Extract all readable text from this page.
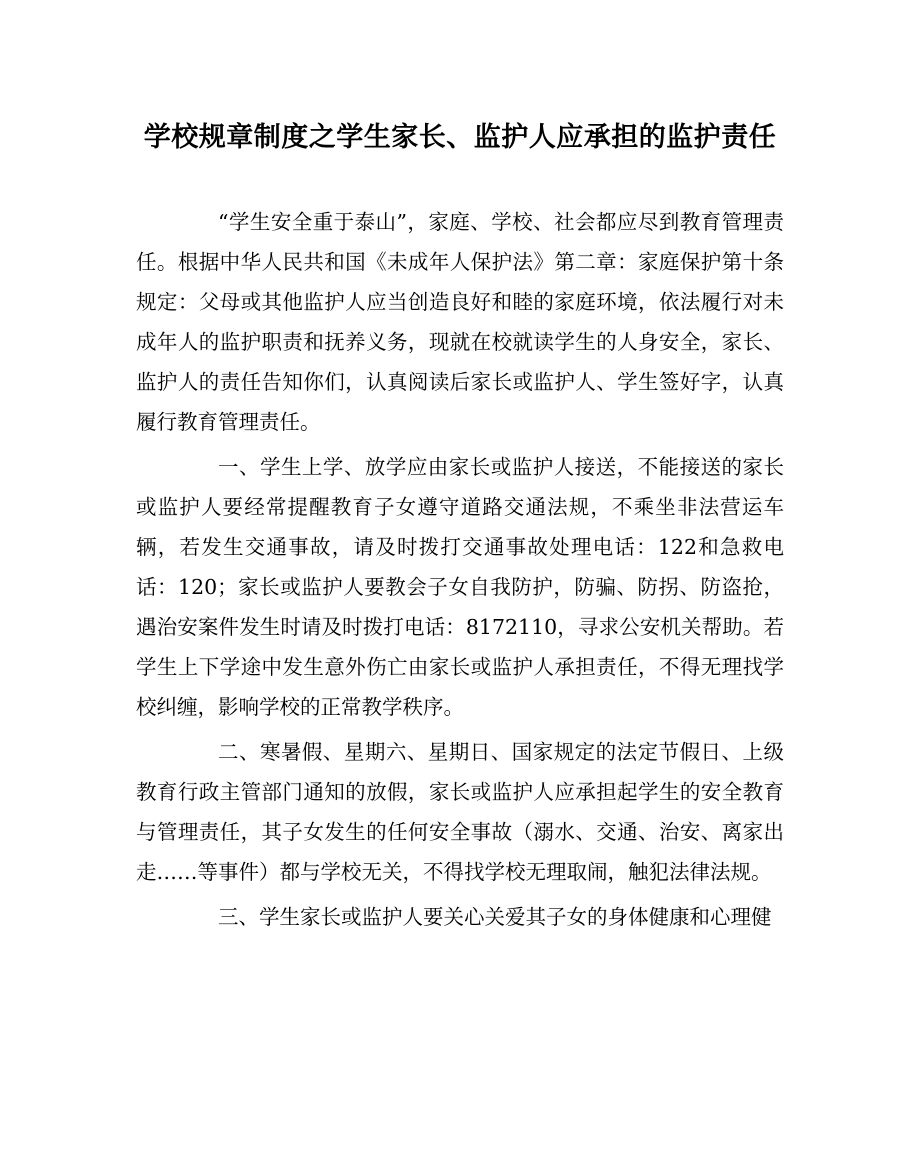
学校规章制度之学生家长、监护人应承担的监护责任

“学生安全重于泰山”，家庭、学校、社会都应尽到教育管理责任。根据中华人民共和国《未成年人保护法》第二章：家庭保护第十条规定：父母或其他监护人应当创造良好和睦的家庭环境，依法履行对未成年人的监护职责和抚养义务，现就在校就读学生的人身安全，家长、监护人的责任告知你们，认真阅读后家长或监护人、学生签好字，认真履行教育管理责任。

一、学生上学、放学应由家长或监护人接送，不能接送的家长或监护人要经常提醒教育子女遵守道路交通法规，不乘坐非法营运车辆，若发生交通事故，请及时拨打交通事故处理电话：122和急救电话：120；家长或监护人要教会子女自我防护，防骗、防拐、防盗抢，遇治安案件发生时请及时拨打电话：8172110，寻求公安机关帮助。若学生上下学途中发生意外伤亡由家长或监护人承担责任，不得无理找学校纠缠，影响学校的正常教学秩序。

二、寒暑假、星期六、星期日、国家规定的法定节假日、上级教育行政主管部门通知的放假，家长或监护人应承担起学生的安全教育与管理责任，其子女发生的任何安全事故（溺水、交通、治安、离家出走……等事件）都与学校无关，不得找学校无理取闹，触犯法律法规。

三、学生家长或监护人要关心关爱其子女的身体健康和心理健
